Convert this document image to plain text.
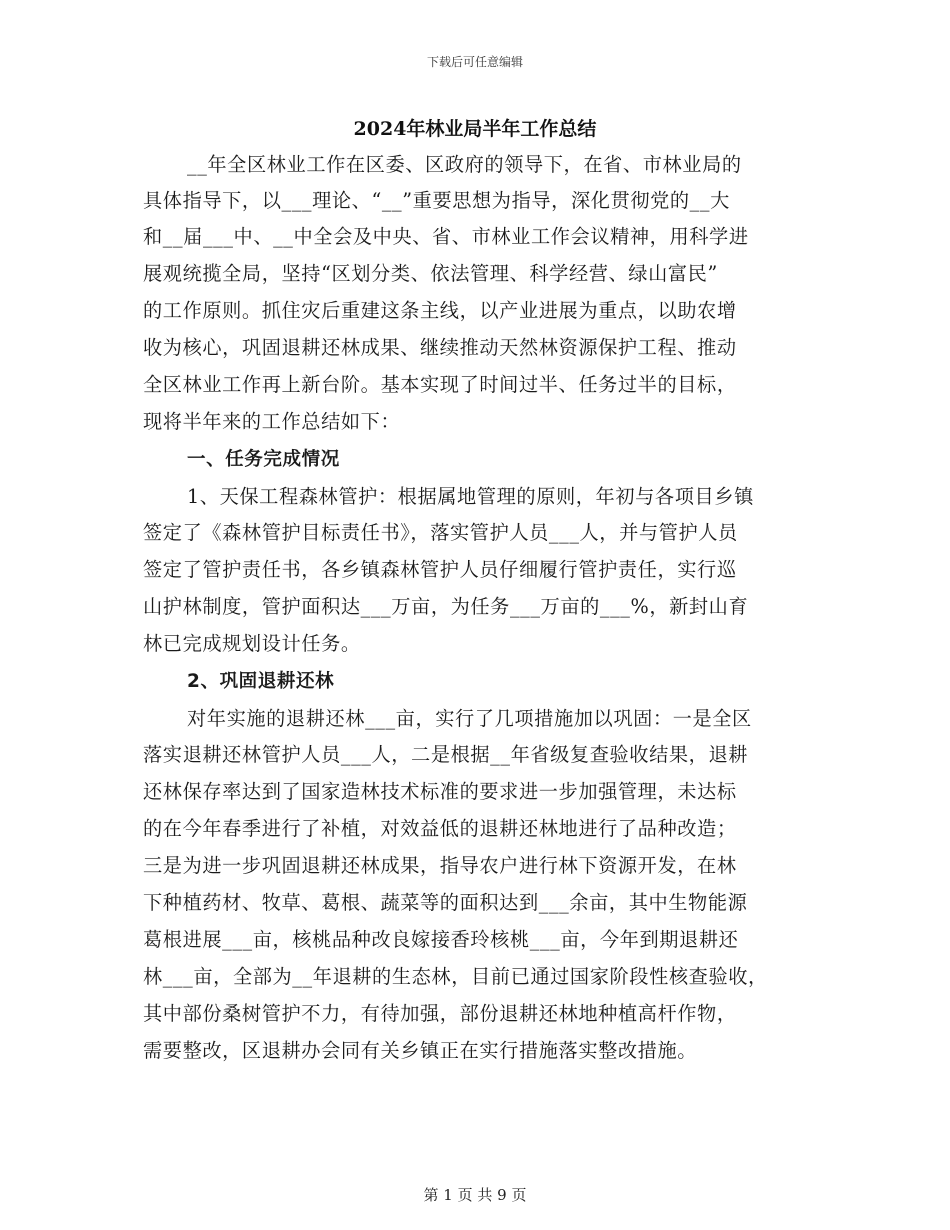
下载后可任意编辑
2024年林业局半年工作总结
__年全区林业工作在区委、区政府的领导下，在省、市林业局的
具体指导下，以___理论、“__”重要思想为指导，深化贯彻党的__大
和__届___中、__中全会及中央、省、市林业工作会议精神，用科学进
展观统揽全局，坚持“区划分类、依法管理、科学经营、绿山富民”
的工作原则。抓住灾后重建这条主线，以产业进展为重点，以助农增
收为核心，巩固退耕还林成果、继续推动天然林资源保护工程、推动
全区林业工作再上新台阶。基本实现了时间过半、任务过半的目标，
现将半年来的工作总结如下：
一、任务完成情况
1、天保工程森林管护：根据属地管理的原则，年初与各项目乡镇
签定了《森林管护目标责任书》，落实管护人员___人，并与管护人员
签定了管护责任书，各乡镇森林管护人员仔细履行管护责任，实行巡
山护林制度，管护面积达___万亩，为任务___万亩的___%，新封山育
林已完成规划设计任务。
2、巩固退耕还林
对年实施的退耕还林___亩，实行了几项措施加以巩固：一是全区
落实退耕还林管护人员___人，二是根据__年省级复查验收结果，退耕
还林保存率达到了国家造林技术标准的要求进一步加强管理，未达标
的在今年春季进行了补植，对效益低的退耕还林地进行了品种改造；
三是为进一步巩固退耕还林成果，指导农户进行林下资源开发，在林
下种植药材、牧草、葛根、蔬菜等的面积达到___余亩，其中生物能源
葛根进展___亩，核桃品种改良嫁接香玲核桃___亩，今年到期退耕还
林___亩，全部为__年退耕的生态林，目前已通过国家阶段性核查验收，
其中部份桑树管护不力，有待加强，部份退耕还林地种植高杆作物，
需要整改，区退耕办会同有关乡镇正在实行措施落实整改措施。
第 1 页 共 9 页
